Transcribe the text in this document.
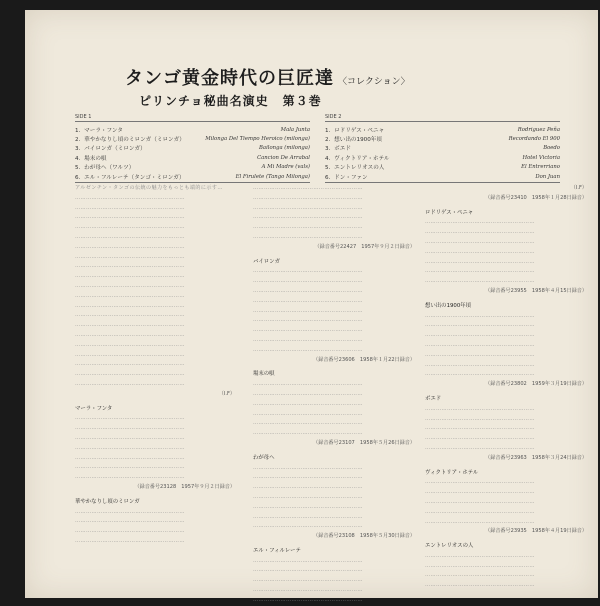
タンゴ黄金時代の巨匠達 〈コレクション〉
ピリンチョ秘曲名演史 第３巻
SIDE 1
1．マーラ・フンタ	Mala Junta
2．華やかなりし頃のミロンガ（ミロンガ）	Milonga Del Tiempo Heroico (milonga)
3．バイロンガ（ミロンガ）	Bailonga (milonga)
4．場末の唄	Cancion De Arrabal
5．わが母へ（ワルツ）	A Mi Madre (vals)
6．エル・フルレーテ（タンゴ・ミロンガ）	El Firulete (Tango Milonga)
SIDE 2
1．ロドリゲス・ペニャ	Rodriguez Peña
2．想い出の1900年頃	Recordando El 900
3．ボエド	Boedo
4．ヴィクトリア・ホテル	Hotel Victoria
5．エントレリオスの人	El Entrerriano
6．ドン・ファン	Don Juan

アルゼンチン・タンゴの伝統の魅力をもっとも端的に示す…

……………………………………………………

……………………………………………………

……………………………………………………

……………………………………………………

……………………………………………………

……………………………………………………

……………………………………………………

……………………………………………………

……………………………………………………

……………………………………………………

……………………………………………………

……………………………………………………

……………………………………………………

……………………………………………………

……………………………………………………

……………………………………………………

……………………………………………………

……………………………………………………

……………………………………………………

……………………………………………………

（I.F）

マーラ・フンタ

……………………………………………………

……………………………………………………

……………………………………………………

……………………………………………………

……………………………………………………

……………………………………………………

……………………………………………………

（録音番号23128　1957年９月２日録音）

華やかなりし頃のミロンガ

……………………………………………………

……………………………………………………

……………………………………………………

……………………………………………………

……………………………………………………

……………………………………………………

……………………………………………………

……………………………………………………

……………………………………………………

……………………………………………………

（録音番号22427　1957年９月２日録音）

バイロンガ

……………………………………………………

……………………………………………………

……………………………………………………

……………………………………………………

……………………………………………………

……………………………………………………

……………………………………………………

……………………………………………………

……………………………………………………

（録音番号23606　1958年１月22日録音）

場末の唄

……………………………………………………

……………………………………………………

……………………………………………………

……………………………………………………

……………………………………………………

……………………………………………………

（録音番号23107　1958年５月26日録音）

わが母へ

……………………………………………………

……………………………………………………

……………………………………………………

……………………………………………………

……………………………………………………

……………………………………………………

……………………………………………………

（録音番号23108　1958年５月30日録音）

エル・フィルレーテ

……………………………………………………

……………………………………………………

……………………………………………………

……………………………………………………

……………………………………………………

（I.F）

（録音番号23410　1958年１月28日録音）

ロドリゲス・ペニャ

……………………………………………………

……………………………………………………

……………………………………………………

……………………………………………………

……………………………………………………

……………………………………………………

……………………………………………………

（録音番号23955　1958年４月15日録音）

想い出の1900年頃

……………………………………………………

……………………………………………………

……………………………………………………

……………………………………………………

……………………………………………………

……………………………………………………

……………………………………………………

（録音番号23802　1959年３月19日録音）

ボエド

……………………………………………………

……………………………………………………

……………………………………………………

……………………………………………………

……………………………………………………

（録音番号23963　1958年３月24日録音）

ヴィクトリア・ホテル

……………………………………………………

……………………………………………………

……………………………………………………

……………………………………………………

……………………………………………………

（録音番号23935　1958年４月19日録音）

エントレリオスの人

……………………………………………………

……………………………………………………

……………………………………………………

……………………………………………………
